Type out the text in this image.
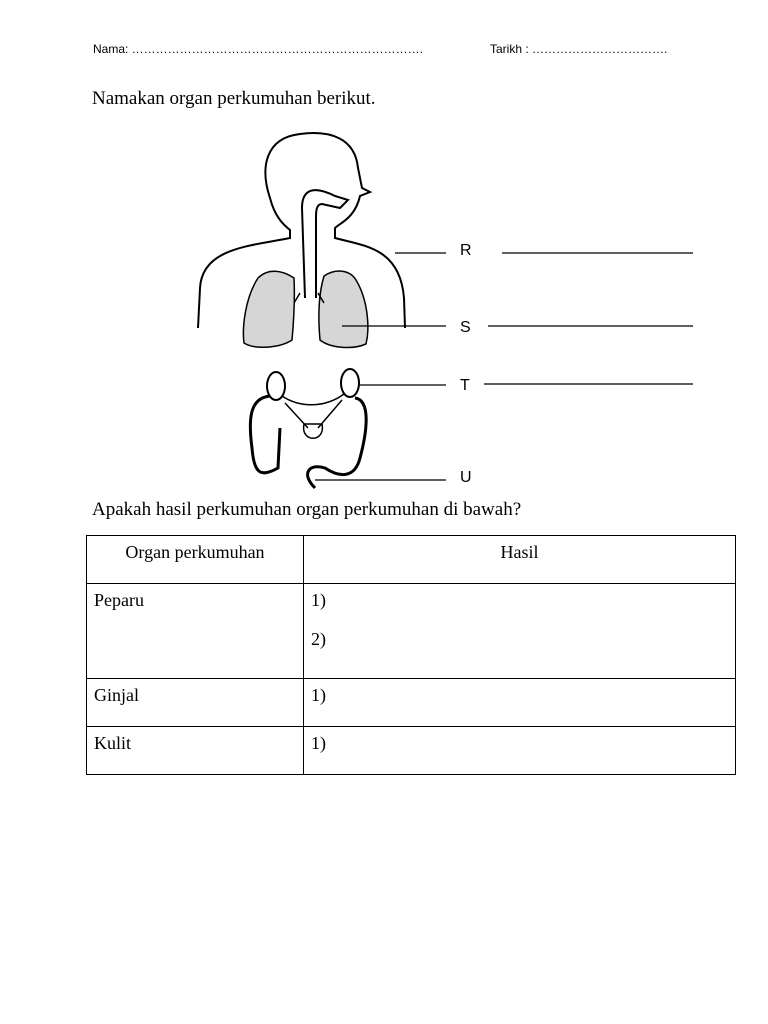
Nama: ……………………………………………………………….	Tarikh : …………………………….
Namakan organ perkumuhan berikut.
R
S
T
U
Apakah hasil perkumuhan organ perkumuhan di bawah?
Organ perkumuhan	Hasil
Peparu	1)
2)

Ginjal	1)

Kulit	1)
